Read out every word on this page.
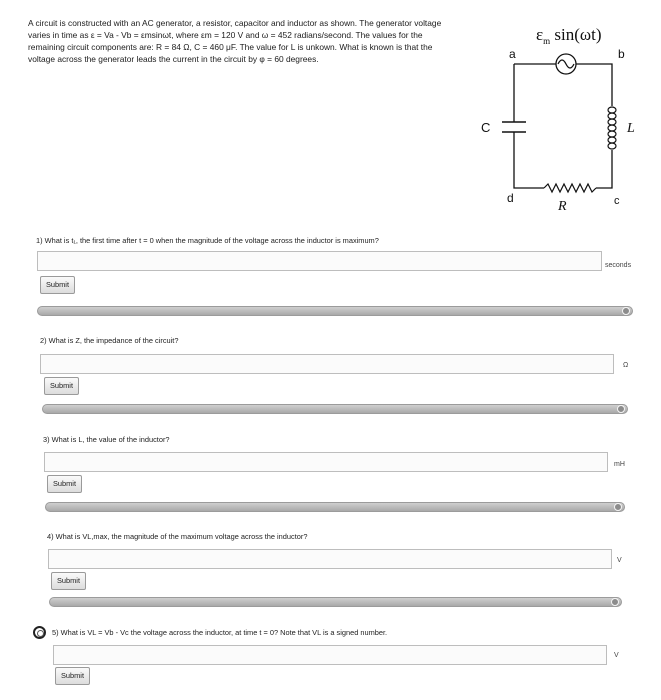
A circuit is constructed with an AC generator, a resistor, capacitor and inductor as shown. The generator voltage
varies in time as ε = Va - Vb = εmsinωt, where εm = 120 V and ω = 452 radians/second. The values for the
remaining circuit components are: R = 84 Ω, C = 460 μF. The value for L is unkown. What is known is that the
voltage across the generator leads the current in the circuit by φ = 60 degrees.
$\varepsilon_m$ sin(ωt)
a	b
c
d
C	L
R
1) What is t₁, the first time after t = 0 when the magnitude of the voltage across the inductor is maximum?
seconds
Submit
2) What is Z, the impedance of the circuit?
Ω
Submit
3) What is L, the value of the inductor?
mH
Submit
4) What is VL,max, the magnitude of the maximum voltage across the inductor?
V
Submit
5) What is VL = Vb - Vc the voltage across the inductor, at time t = 0? Note that VL is a signed number.
V
Submit
